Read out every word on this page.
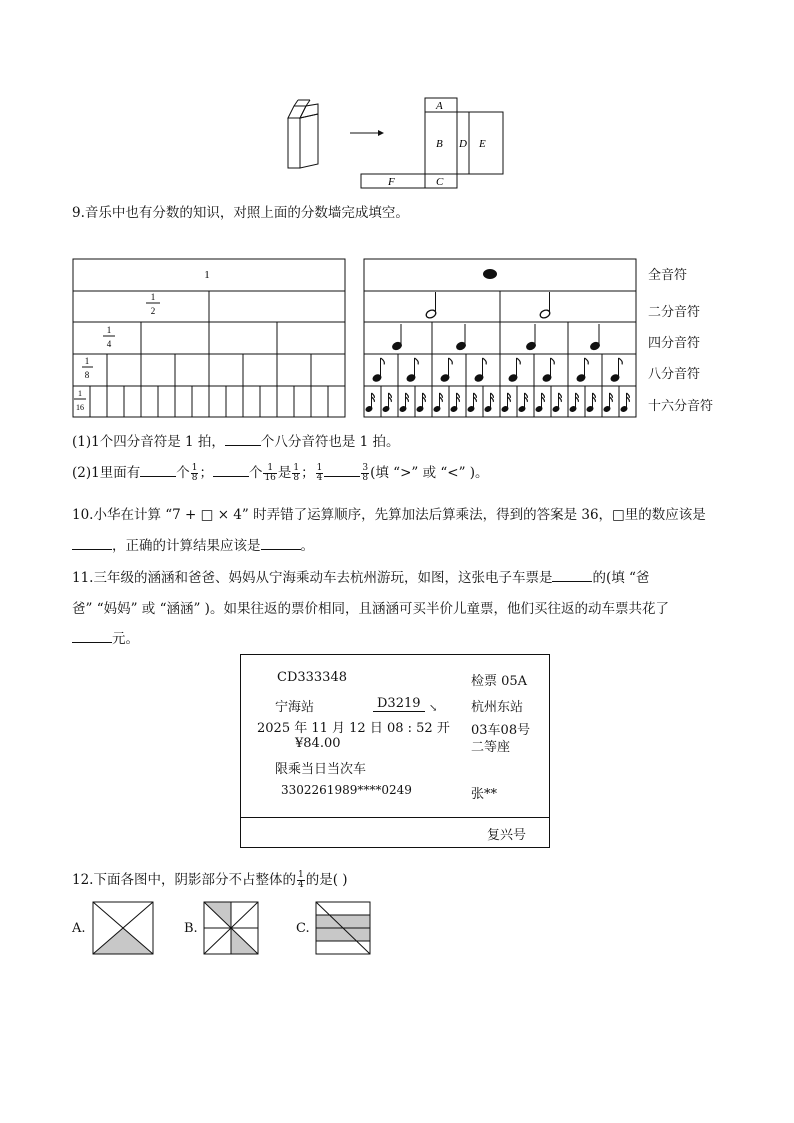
A
B D E
C
F
9.音乐中也有分数的知识，对照上面的分数墙完成填空。
1
1
2
1
4
1
8
1
16
全音符
二分音符
四分音符
八分音符
十六分音符
(1)1个四分音符是 1 拍，	个八分音符也是 1 拍。
(2)1里面有	个 $\frac{1}{8}$ ；	个 $\frac{1}{16}$ 是 $\frac{1}{8}$ ； $\frac{1}{4}$	$\frac{3}{8}$ (填 “>” 或 “<” )。
10.小华在计算 “7 + □ × 4” 时弄错了运算顺序，先算加法后算乘法，得到的答案是 36，□里的数应该是
，正确的计算结果应该是	。
11.三年级的涵涵和爸爸、妈妈从宁海乘动车去杭州游玩，如图，这张电子车票是	的(填 “爸
爸” “妈妈” 或 “涵涵” )。如果往返的票价相同，且涵涵可买半价儿童票，他们买往返的动车票共花了
元。
CD333348	检票 05A
宁海站	D3219 ↘	杭州东站
2025 年 11 月 12 日 08 : 52 开 03车08号
¥84.00	二等座
限乘当日当次车
3302261989****0249	张**
复兴号
12.下面各图中，阴影部分不占整体的 $\frac{1}{4}$ 的是( )
A.	B.	C.
